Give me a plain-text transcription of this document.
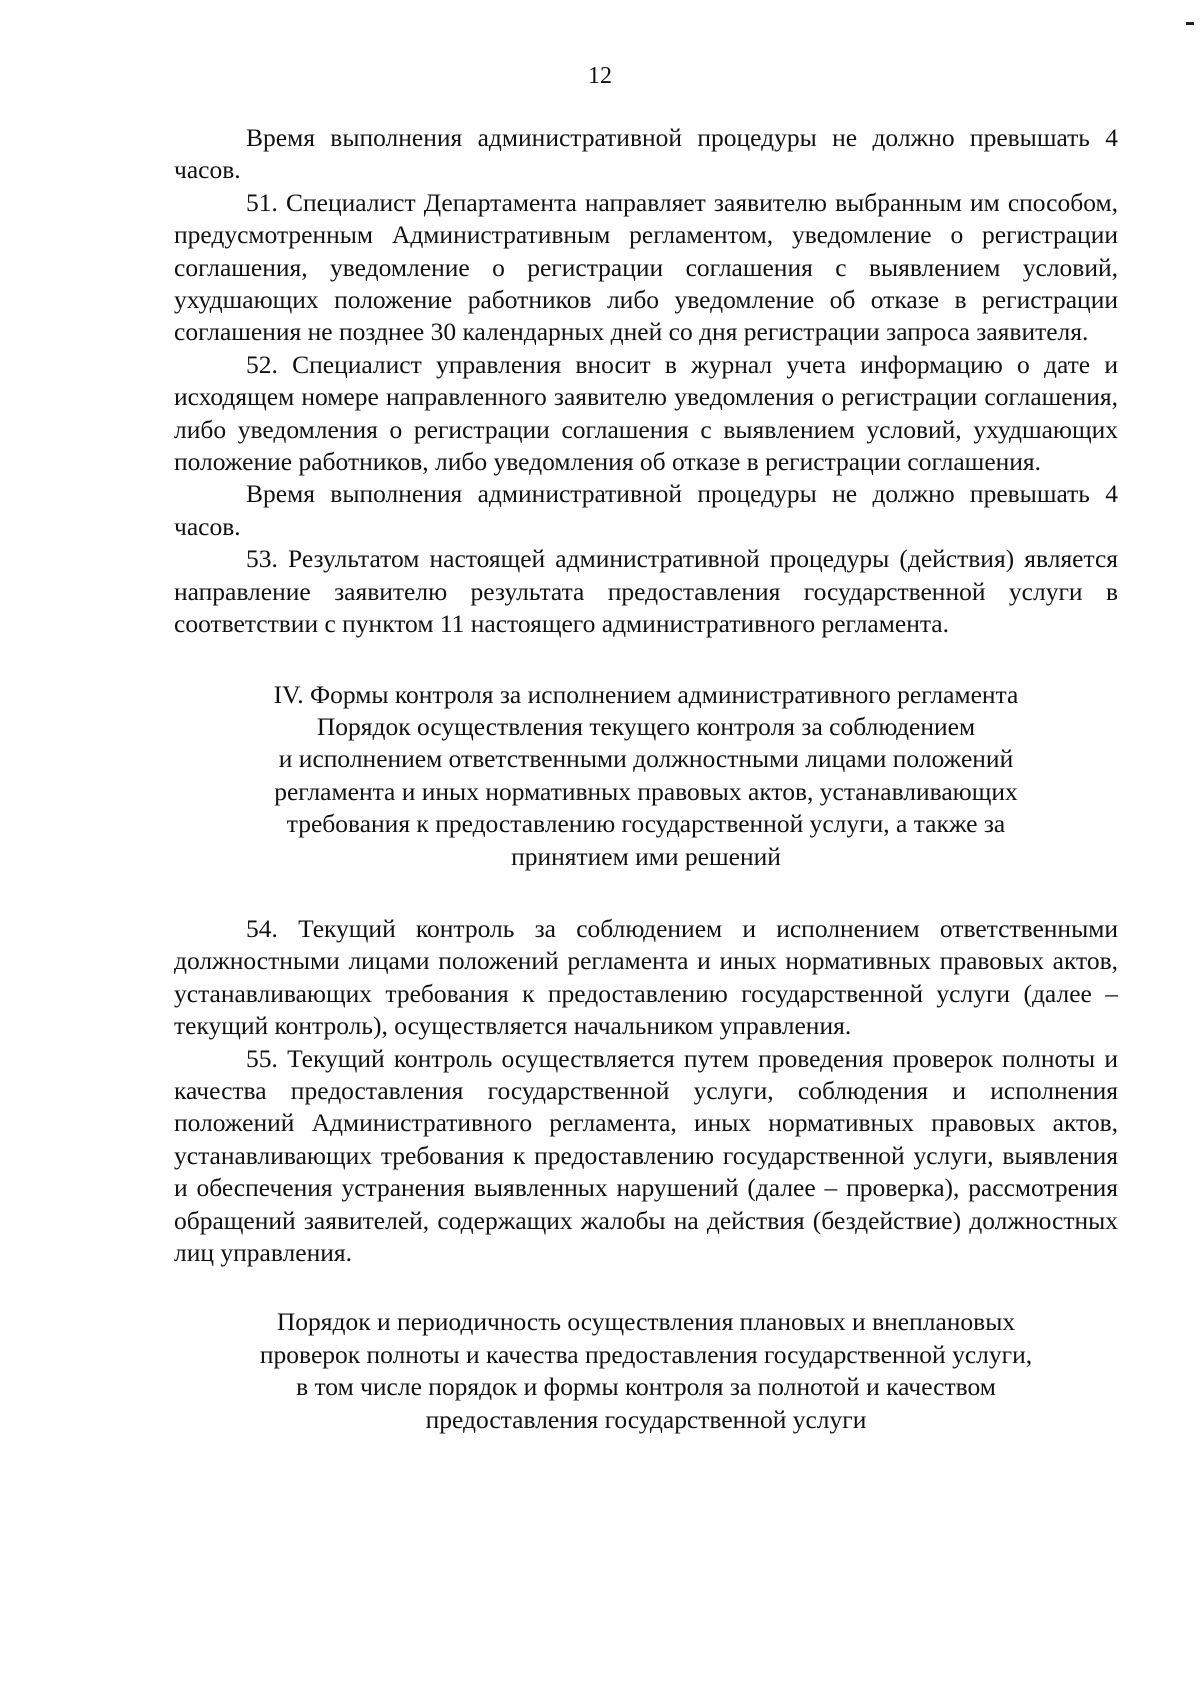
12

Время выполнения административной процедуры не должно превышать 4 часов.

51. Специалист Департамента направляет заявителю выбранным им способом, предусмотренным Административным регламентом, уведомление о регистрации соглашения, уведомление о регистрации соглашения с выявлением условий, ухудшающих положение работников либо уведомление об отказе в регистрации соглашения не позднее 30 календарных дней со дня регистрации запроса заявителя.

52. Специалист управления вносит в журнал учета информацию о дате и исходящем номере направленного заявителю уведомления о регистрации соглашения, либо уведомления о регистрации соглашения с выявлением условий, ухудшающих положение работников, либо уведомления об отказе в регистрации соглашения.

Время выполнения административной процедуры не должно превышать 4 часов.

53. Результатом настоящей административной процедуры (действия) является направление заявителю результата предоставления государственной услуги в соответствии с пунктом 11 настоящего административного регламента.

IV. Формы контроля за исполнением административного регламента
Порядок осуществления текущего контроля за соблюдением
и исполнением ответственными должностными лицами положений
регламента и иных нормативных правовых актов, устанавливающих
требования к предоставлению государственной услуги, а также за
принятием ими решений

54. Текущий контроль за соблюдением и исполнением ответственными должностными лицами положений регламента и иных нормативных правовых актов, устанавливающих требования к предоставлению государственной услуги (далее – текущий контроль), осуществляется начальником управления.

55. Текущий контроль осуществляется путем проведения проверок полноты и качества предоставления государственной услуги, соблюдения и исполнения положений Административного регламента, иных нормативных правовых актов, устанавливающих требования к предоставлению государственной услуги, выявления и обеспечения устранения выявленных нарушений (далее – проверка), рассмотрения обращений заявителей, содержащих жалобы на действия (бездействие) должностных лиц управления.

Порядок и периодичность осуществления плановых и внеплановых
проверок полноты и качества предоставления государственной услуги,
в том числе порядок и формы контроля за полнотой и качеством
предоставления государственной услуги
